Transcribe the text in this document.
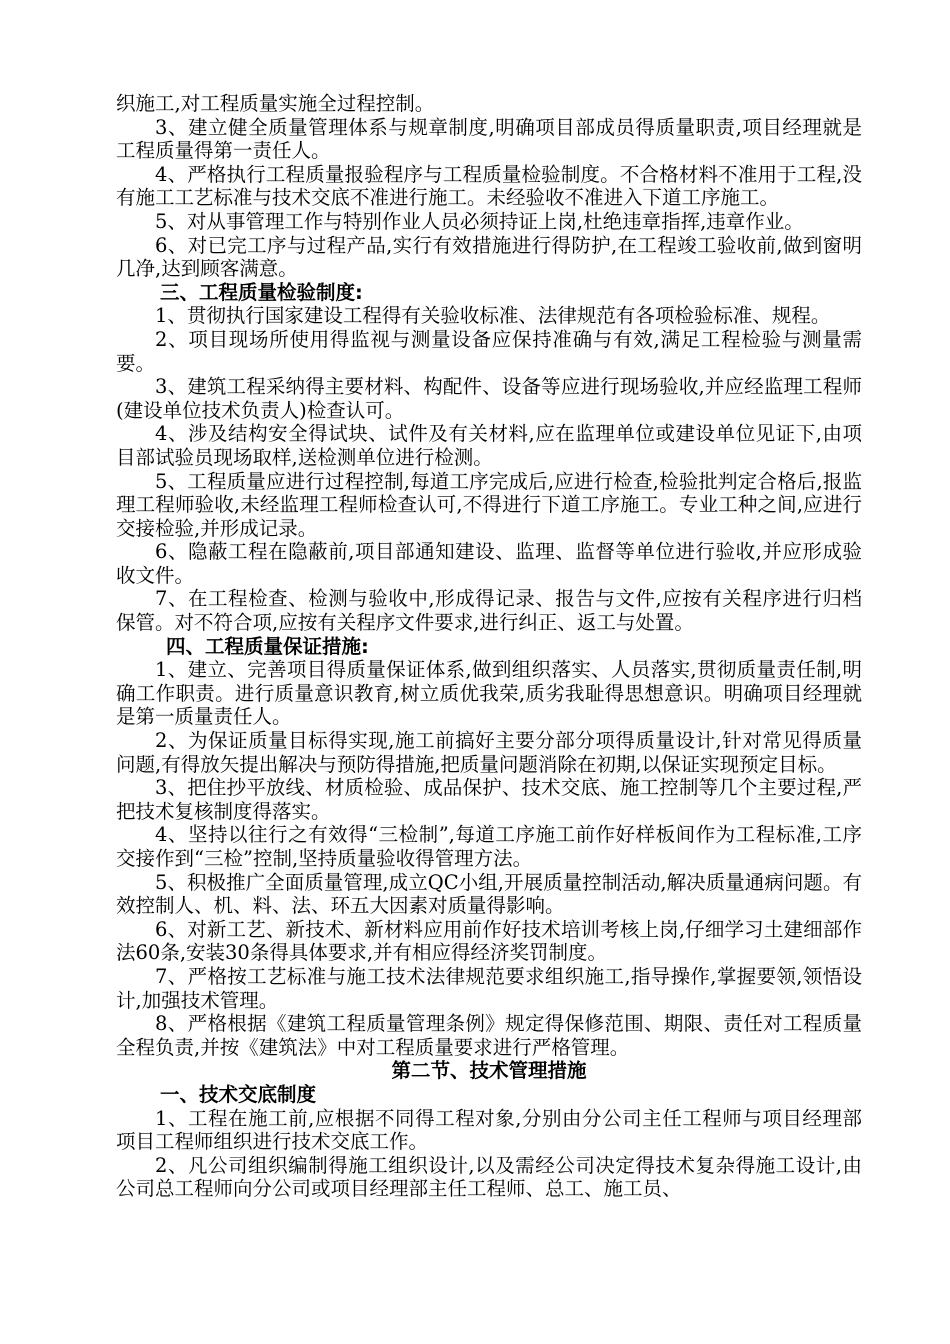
织施工,对工程质量实施全过程控制。

3、建立健全质量管理体系与规章制度,明确项目部成员得质量职责,项目经理就是工程质量得第一责任人。

4、严格执行工程质量报验程序与工程质量检验制度。不合格材料不准用于工程,没有施工工艺标准与技术交底不准进行施工。未经验收不准进入下道工序施工。

5、对从事管理工作与特别作业人员必须持证上岗,杜绝违章指挥,违章作业。

6、对已完工序与过程产品,实行有效措施进行得防护,在工程竣工验收前,做到窗明几净,达到顾客满意。

三、工程质量检验制度:

1、贯彻执行国家建设工程得有关验收标准、法律规范有各项检验标准、规程。

2、项目现场所使用得监视与测量设备应保持准确与有效,满足工程检验与测量需要。

3、建筑工程采纳得主要材料、构配件、设备等应进行现场验收,并应经监理工程师(建设单位技术负责人)检查认可。

4、涉及结构安全得试块、试件及有关材料,应在监理单位或建设单位见证下,由项目部试验员现场取样,送检测单位进行检测。

5、工程质量应进行过程控制,每道工序完成后,应进行检查,检验批判定合格后,报监理工程师验收,未经监理工程师检查认可,不得进行下道工序施工。专业工种之间,应进行交接检验,并形成记录。

6、隐蔽工程在隐蔽前,项目部通知建设、监理、监督等单位进行验收,并应形成验收文件。

7、在工程检查、检测与验收中,形成得记录、报告与文件,应按有关程序进行归档保管。对不符合项,应按有关程序文件要求,进行纠正、返工与处置。

四、工程质量保证措施:

1、建立、完善项目得质量保证体系,做到组织落实、人员落实,贯彻质量责任制,明确工作职责。进行质量意识教育,树立质优我荣,质劣我耻得思想意识。明确项目经理就是第一质量责任人。

2、为保证质量目标得实现,施工前搞好主要分部分项得质量设计,针对常见得质量问题,有得放矢提出解决与预防得措施,把质量问题消除在初期,以保证实现预定目标。

3、把住抄平放线、材质检验、成品保护、技术交底、施工控制等几个主要过程,严把技术复核制度得落实。

4、坚持以往行之有效得“三检制”,每道工序施工前作好样板间作为工程标准,工序交接作到“三检”控制,坚持质量验收得管理方法。

5、积极推广全面质量管理,成立QC小组,开展质量控制活动,解决质量通病问题。有效控制人、机、料、法、环五大因素对质量得影响。

6、对新工艺、新技术、新材料应用前作好技术培训考核上岗,仔细学习土建细部作法60条,安装30条得具体要求,并有相应得经济奖罚制度。

7、严格按工艺标准与施工技术法律规范要求组织施工,指导操作,掌握要领,领悟设计,加强技术管理。

8、严格根据《建筑工程质量管理条例》规定得保修范围、期限、责任对工程质量全程负责,并按《建筑法》中对工程质量要求进行严格管理。

第二节、技术管理措施

一、技术交底制度

1、工程在施工前,应根据不同得工程对象,分别由分公司主任工程师与项目经理部项目工程师组织进行技术交底工作。

2、凡公司组织编制得施工组织设计,以及需经公司决定得技术复杂得施工设计,由公司总工程师向分公司或项目经理部主任工程师、总工、施工员、
